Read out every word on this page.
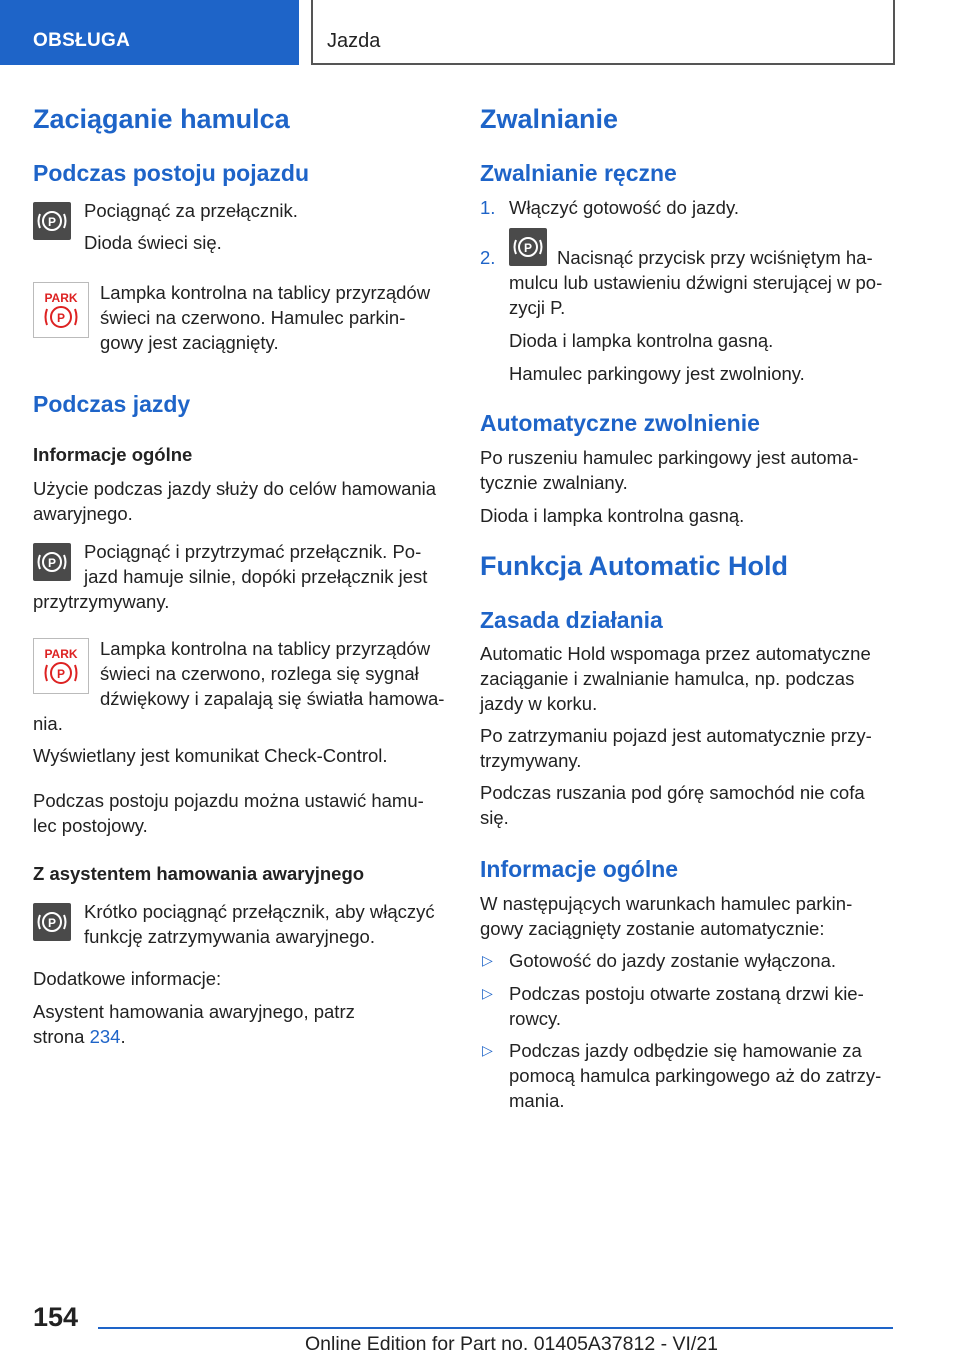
OBSŁUGA	Jazda
Zaciąganie hamulca
Podczas postoju pojazdu
P
Pociągnąć za przełącznik.
Dioda świeci się.
PARK
P
Lampka kontrolna na tablicy przyrządów
świeci na czerwono. Hamulec parkin-
gowy jest zaciągnięty.
Podczas jazdy
Informacje ogólne
Użycie podczas jazdy służy do celów hamowania
awaryjnego.
P
Pociągnąć i przytrzymać przełącznik. Po-
jazd hamuje silnie, dopóki przełącznik jest
przytrzymywany.
PARK
P
Lampka kontrolna na tablicy przyrządów
świeci na czerwono, rozlega się sygnał
dźwiękowy i zapalają się światła hamowa-
nia.
Wyświetlany jest komunikat Check-Control.
Podczas postoju pojazdu można ustawić hamu-
lec postojowy.
Z asystentem hamowania awaryjnego
P
Krótko pociągnąć przełącznik, aby włączyć
funkcję zatrzymywania awaryjnego.
Dodatkowe informacje:
Asystent hamowania awaryjnego, patrz
strona 234.
Zwalnianie
Zwalnianie ręczne
1. Włączyć gotowość do jazdy.
2. P Nacisnąć przycisk przy wciśniętym ha-
mulcu lub ustawieniu dźwigni sterującej w po-
zycji P.
Dioda i lampka kontrolna gasną.
Hamulec parkingowy jest zwolniony.
Automatyczne zwolnienie
Po ruszeniu hamulec parkingowy jest automa-
tycznie zwalniany.
Dioda i lampka kontrolna gasną.
Funkcja Automatic Hold
Zasada działania
Automatic Hold wspomaga przez automatyczne
zaciąganie i zwalnianie hamulca, np. podczas
jazdy w korku.
Po zatrzymaniu pojazd jest automatycznie przy-
trzymywany.
Podczas ruszania pod górę samochód nie cofa
się.
Informacje ogólne
W następujących warunkach hamulec parkin-
gowy zaciągnięty zostanie automatycznie:
▷ Gotowość do jazdy zostanie wyłączona.
▷ Podczas postoju otwarte zostaną drzwi kie-
rowcy.
▷ Podczas jazdy odbędzie się hamowanie za
pomocą hamulca parkingowego aż do zatrzy-
mania.
154
Online Edition for Part no. 01405A37812 - VI/21
